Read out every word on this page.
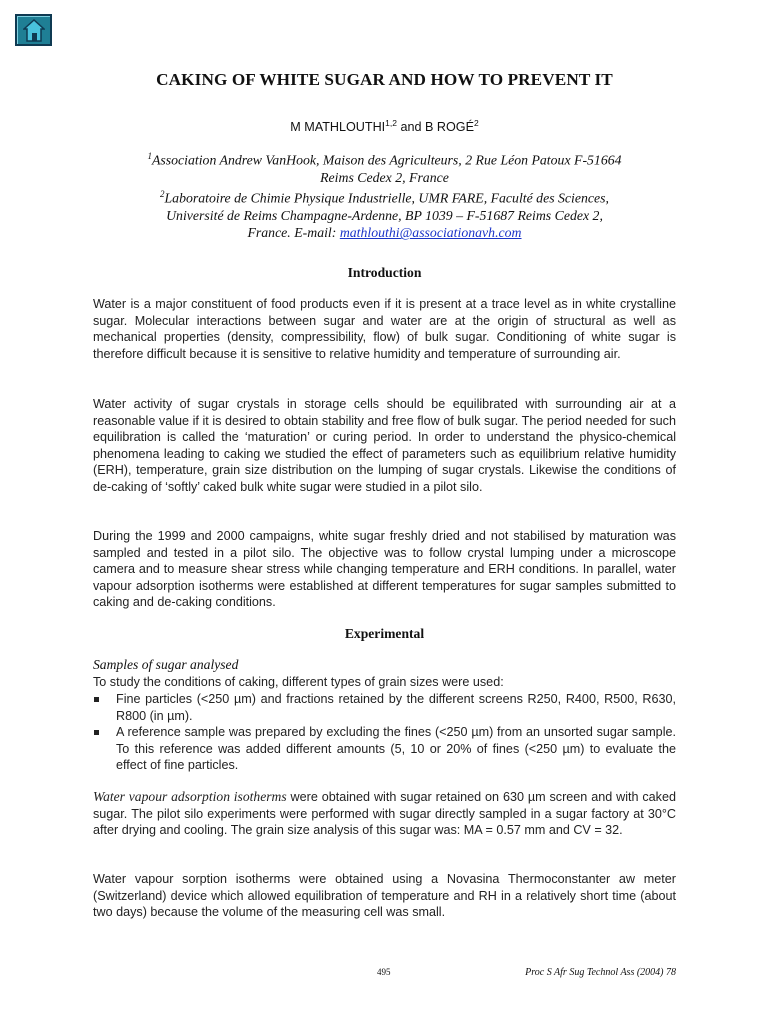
CAKING OF WHITE SUGAR AND HOW TO PREVENT IT
M MATHLOUTHI$^{1,2}$ and B ROGÉ$^2$
$^1$Association Andrew VanHook, Maison des Agriculteurs, 2 Rue Léon Patoux F-51664
Reims Cedex 2, France
$^2$Laboratoire de Chimie Physique Industrielle, UMR FARE, Faculté des Sciences,
Université de Reims Champagne-Ardenne, BP 1039 – F-51687 Reims Cedex 2,
France. E-mail: mathlouthi@associationavh.com
Introduction

Water is a major constituent of food products even if it is present at a trace level as in white crystalline sugar. Molecular interactions between sugar and water are at the origin of structural as well as mechanical properties (density, compressibility, flow) of bulk sugar. Conditioning of white sugar is therefore difficult because it is sensitive to relative humidity and temperature of surrounding air.

Water activity of sugar crystals in storage cells should be equilibrated with surrounding air at a reasonable value if it is desired to obtain stability and free flow of bulk sugar. The period needed for such equilibration is called the ‘maturation’ or curing period. In order to understand the physico-chemical phenomena leading to caking we studied the effect of parameters such as equilibrium relative humidity (ERH), temperature, grain size distribution on the lumping of sugar crystals. Likewise the conditions of de-caking of ‘softly’ caked bulk white sugar were studied in a pilot silo.

During the 1999 and 2000 campaigns, white sugar freshly dried and not stabilised by maturation was sampled and tested in a pilot silo. The objective was to follow crystal lumping under a microscope camera and to measure shear stress while changing temperature and ERH conditions. In parallel, water vapour adsorption isotherms were established at different temperatures for sugar samples submitted to caking and de-caking conditions.

Experimental

Samples of sugar analysed

To study the conditions of caking, different types of grain sizes were used:

Fine particles (<250 µm) and fractions retained by the different screens R250, R400, R500, R630, R800 (in µm).
A reference sample was prepared by excluding the fines (<250 µm) from an unsorted sugar sample. To this reference was added different amounts (5, 10 or 20% of fines (<250 µm) to evaluate the effect of fine particles.

Water vapour adsorption isotherms were obtained with sugar retained on 630 µm screen and with caked sugar. The pilot silo experiments were performed with sugar directly sampled in a sugar factory at 30°C after drying and cooling. The grain size analysis of this sugar was: MA = 0.57 mm and CV = 32.

Water vapour sorption isotherms were obtained using a Novasina Thermoconstanter aw meter (Switzerland) device which allowed equilibration of temperature and RH in a relatively short time (about two days) because the volume of the measuring cell was small.

495	Proc S Afr Sug Technol Ass (2004) 78
